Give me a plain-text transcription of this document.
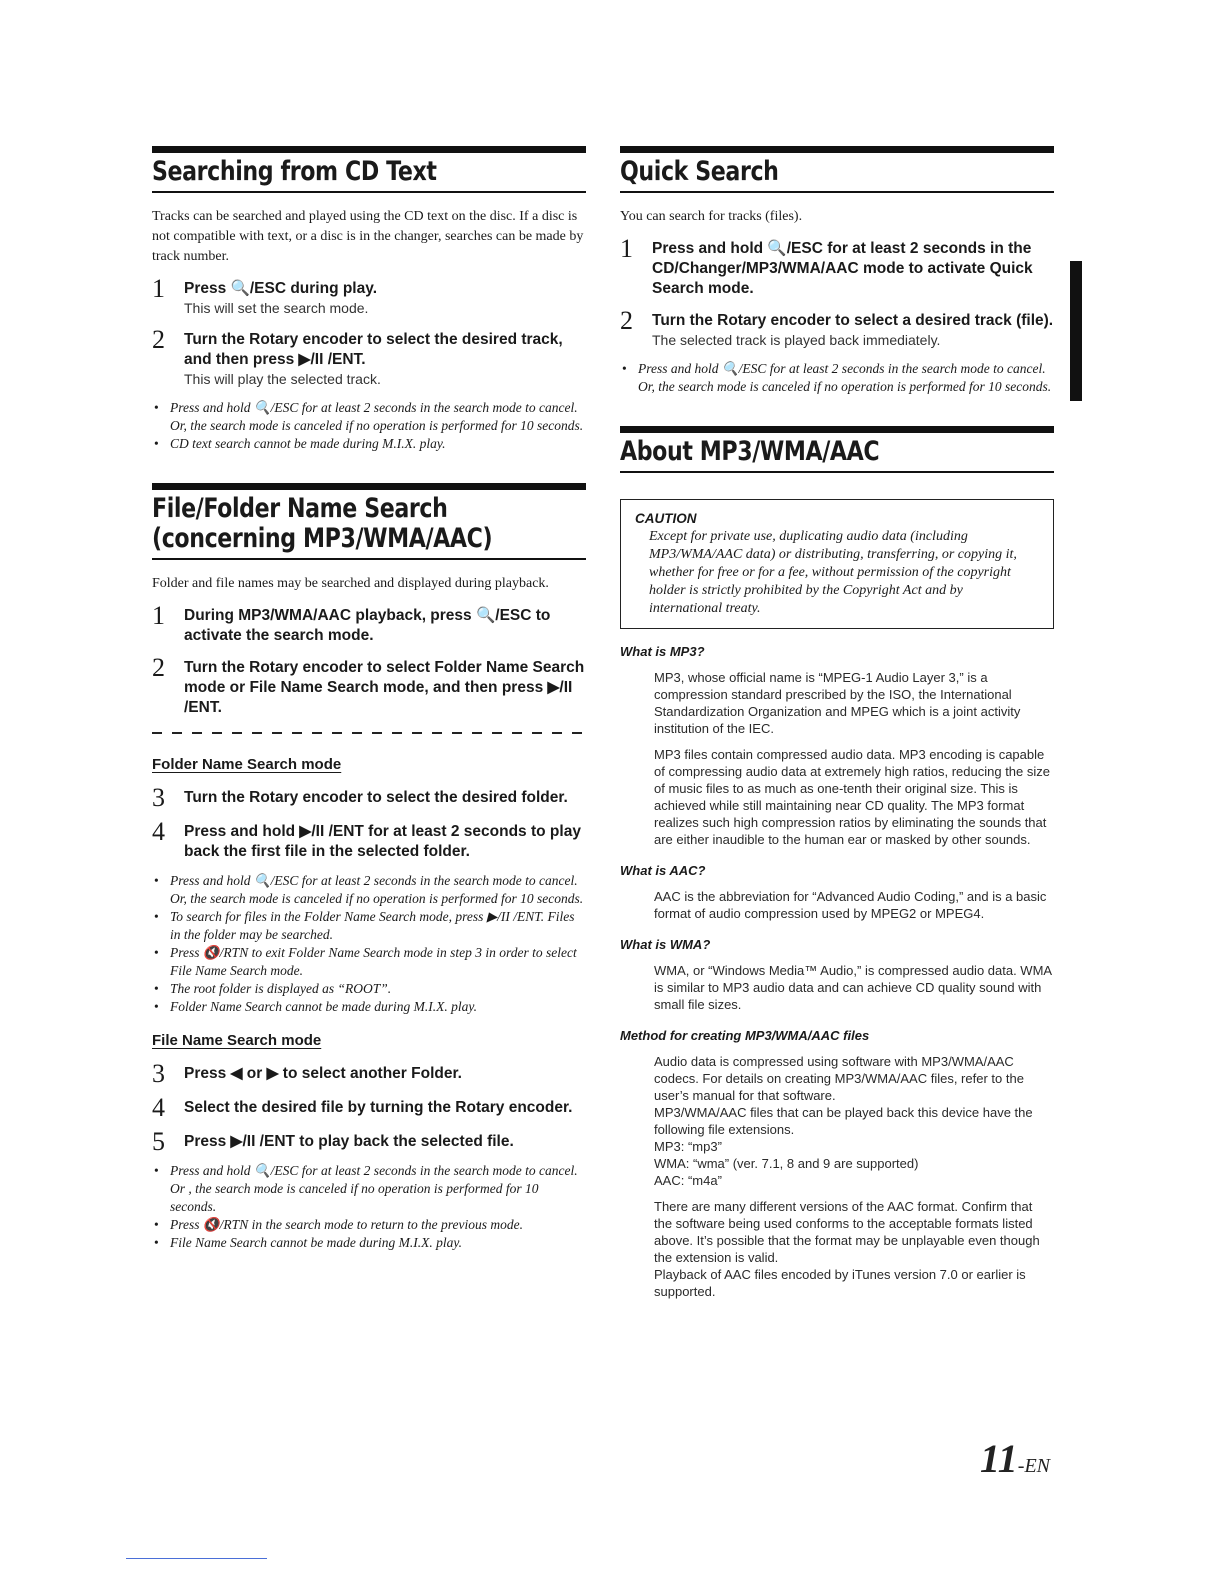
Searching from CD Text

Tracks can be searched and played using the CD text on the disc. If a disc is not compatible with text, or a disc is in the changer, searches can be made by track number.

1 Press 🔍/ESC during play.
This will set the search mode.
2 Turn the Rotary encoder to select the desired track, and then press ▶/II /ENT.
This will play the selected track.
• Press and hold 🔍/ESC for at least 2 seconds in the search mode to cancel. Or, the search mode is canceled if no operation is performed for 10 seconds.
• CD text search cannot be made during M.I.X. play.
File/Folder Name Search
(concerning MP3/WMA/AAC)

Folder and file names may be searched and displayed during playback.

1 During MP3/WMA/AAC playback, press 🔍/ESC to activate the search mode.
2 Turn the Rotary encoder to select Folder Name Search mode or File Name Search mode, and then press ▶/II /ENT.
Folder Name Search mode
3 Turn the Rotary encoder to select the desired folder.
4 Press and hold ▶/II /ENT for at least 2 seconds to play back the first file in the selected folder.
• Press and hold 🔍/ESC for at least 2 seconds in the search mode to cancel. Or, the search mode is canceled if no operation is performed for 10 seconds.
• To search for files in the Folder Name Search mode, press ▶/II /ENT. Files in the folder may be searched.
• Press 🔇/RTN to exit Folder Name Search mode in step 3 in order to select File Name Search mode.
• The root folder is displayed as “ROOT”.
• Folder Name Search cannot be made during M.I.X. play.
File Name Search mode
3 Press ◀ or ▶ to select another Folder.
4 Select the desired file by turning the Rotary encoder.
5 Press ▶/II /ENT to play back the selected file.
• Press and hold 🔍/ESC for at least 2 seconds in the search mode to cancel. Or , the search mode is canceled if no operation is performed for 10 seconds.
• Press 🔇/RTN in the search mode to return to the previous mode.
• File Name Search cannot be made during M.I.X. play.
Quick Search

You can search for tracks (files).

1 Press and hold 🔍/ESC for at least 2 seconds in the CD/Changer/MP3/WMA/AAC mode to activate Quick Search mode.
2 Turn the Rotary encoder to select a desired track (file).
The selected track is played back immediately.
• Press and hold 🔍/ESC for at least 2 seconds in the search mode to cancel. Or, the search mode is canceled if no operation is performed for 10 seconds.
About MP3/WMA/AAC
CAUTION
Except for private use, duplicating audio data (including MP3/WMA/AAC data) or distributing, transferring, or copying it, whether for free or for a fee, without permission of the copyright holder is strictly prohibited by the Copyright Act and by international treaty.
What is MP3?

MP3, whose official name is “MPEG-1 Audio Layer 3,” is a compression standard prescribed by the ISO, the International Standardization Organization and MPEG which is a joint activity institution of the IEC.

MP3 files contain compressed audio data. MP3 encoding is capable of compressing audio data at extremely high ratios, reducing the size of music files to as much as one-tenth their original size. This is achieved while still maintaining near CD quality. The MP3 format realizes such high compression ratios by eliminating the sounds that are either inaudible to the human ear or masked by other sounds.

What is AAC?

AAC is the abbreviation for “Advanced Audio Coding,” and is a basic format of audio compression used by MPEG2 or MPEG4.

What is WMA?

WMA, or “Windows Media™ Audio,” is compressed audio data. WMA is similar to MP3 audio data and can achieve CD quality sound with small file sizes.

Method for creating MP3/WMA/AAC files
Audio data is compressed using software with MP3/WMA/AAC codecs. For details on creating MP3/WMA/AAC files, refer to the user’s manual for that software.
MP3/WMA/AAC files that can be played back this device have the following file extensions.
MP3: “mp3”
WMA: “wma” (ver. 7.1, 8 and 9 are supported)
AAC: “m4a”
There are many different versions of the AAC format. Confirm that the software being used conforms to the acceptable formats listed above. It’s possible that the format may be unplayable even though the extension is valid.
Playback of AAC files encoded by iTunes version 7.0 or earlier is supported.
11-EN
